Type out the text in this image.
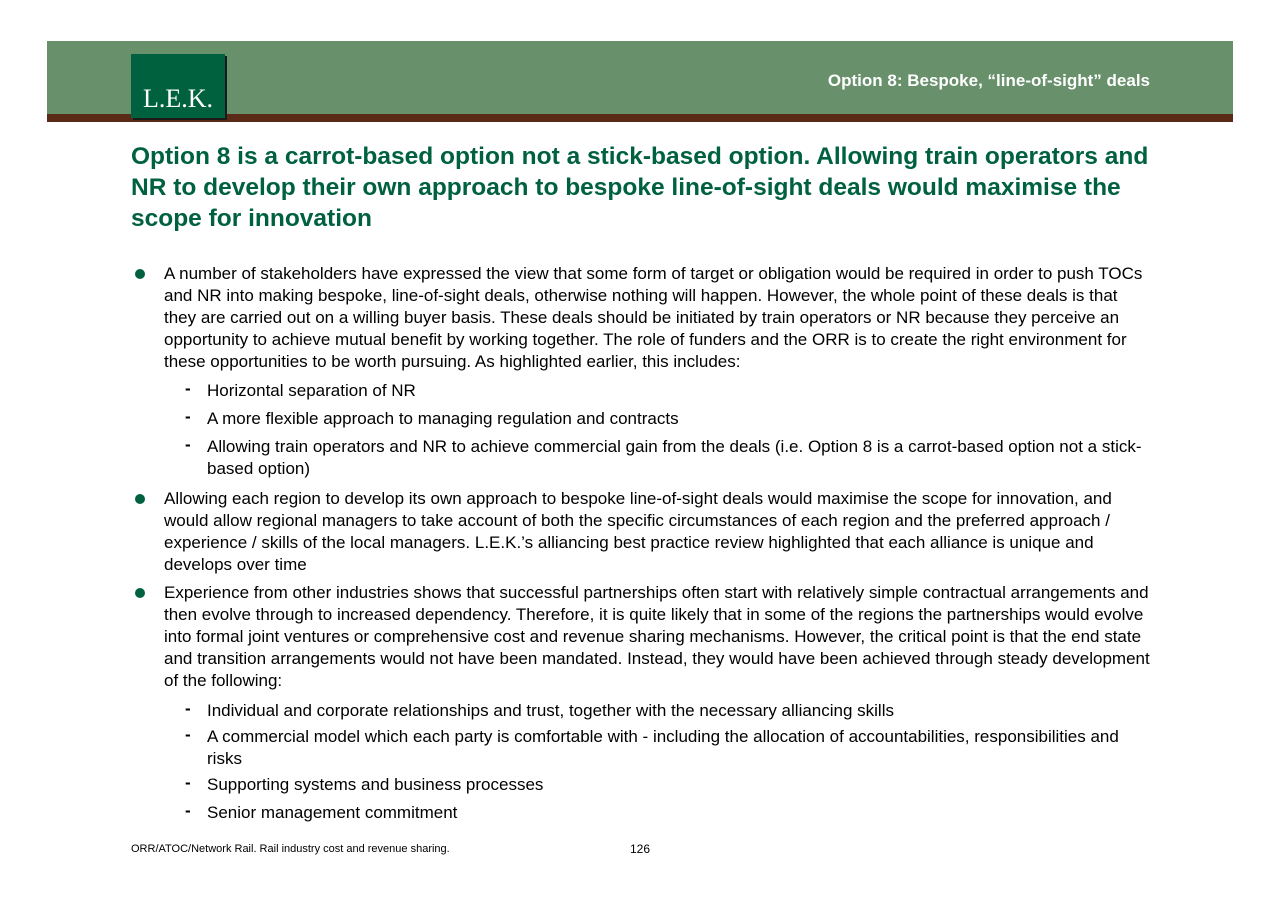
L.E.K.
Option 8: Bespoke, “line-of-sight” deals
Option 8 is a carrot-based option not a stick-based option. Allowing train operators and NR to develop their own approach to bespoke line-of-sight deals would maximise the scope for innovation

A number of stakeholders have expressed the view that some form of target or obligation would be required in order to push TOCs and NR into making bespoke, line-of-sight deals, otherwise nothing will happen. However, the whole point of these deals is that they are carried out on a willing buyer basis. These deals should be initiated by train operators or NR because they perceive an opportunity to achieve mutual benefit by working together. The role of funders and the ORR is to create the right environment for these opportunities to be worth pursuing. As highlighted earlier, this includes:

- Horizontal separation of NR

- A more flexible approach to managing regulation and contracts

- Allowing train operators and NR to achieve commercial gain from the deals (i.e. Option 8 is a carrot-based option not a stick-based option)

Allowing each region to develop its own approach to bespoke line-of-sight deals would maximise the scope for innovation, and would allow regional managers to take account of both the specific circumstances of each region and the preferred approach / experience / skills of the local managers. L.E.K.’s alliancing best practice review highlighted that each alliance is unique and develops over time

Experience from other industries shows that successful partnerships often start with relatively simple contractual arrangements and then evolve through to increased dependency. Therefore, it is quite likely that in some of the regions the partnerships would evolve into formal joint ventures or comprehensive cost and revenue sharing mechanisms. However, the critical point is that the end state and transition arrangements would not have been mandated. Instead, they would have been achieved through steady development of the following:

- Individual and corporate relationships and trust, together with the necessary alliancing skills

- A commercial model which each party is comfortable with - including the allocation of accountabilities, responsibilities and risks

- Supporting systems and business processes

- Senior management commitment

ORR/ATOC/Network Rail. Rail industry cost and revenue sharing.	126
